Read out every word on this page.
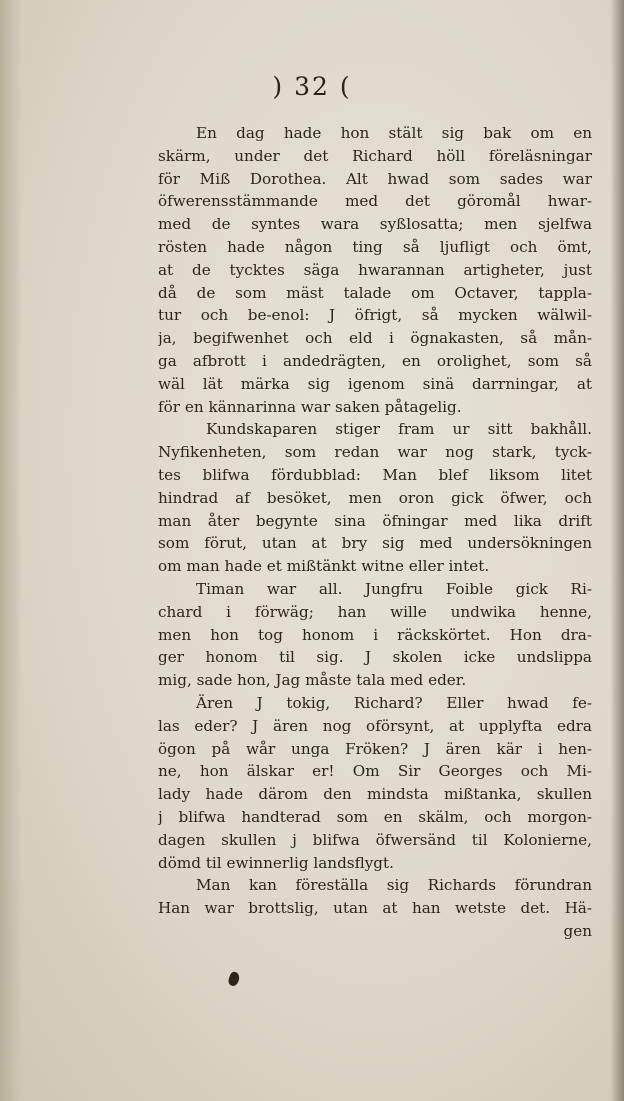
) 32 (
En dag hade hon stält sig bak om en
skärm, under det Richard höll föreläsningar
för Miß Dorothea. Alt hwad som sades war
öfwerensstämmande med det göromål hwar-
med de syntes wara syßlosatta; men sjelfwa
rösten hade någon ting så ljufligt och ömt,
at de tycktes säga hwarannan artigheter, just
då de som mäst talade om Octaver, tappla-
tur och be-enol: J öfrigt, så mycken wälwil-
ja, begifwenhet och eld i ögnakasten, så mån-
ga afbrott i andedrägten, en orolighet, som så
wäl lät märka sig igenom sinä darrningar, at
för en kännarinna war saken påtagelig.
Kundskaparen stiger fram ur sitt bakhåll.
Nyfikenheten, som redan war nog stark, tyck-
tes blifwa fördubblad: Man blef liksom litet
hindrad af besöket, men oron gick öfwer, och
man åter begynte sina öfningar med lika drift
som förut, utan at bry sig med undersökningen
om man hade et mißtänkt witne eller intet.
Timan war all. Jungfru Foible gick Ri-
chard i förwäg; han wille undwika henne,
men hon tog honom i räckskörtet. Hon dra-
ger honom til sig. J skolen icke undslippa
mig, sade hon, Jag måste tala med eder.
Ären J tokig, Richard? Eller hwad fe-
las eder? J ären nog oförsynt, at upplyfta edra
ögon på wår unga Fröken? J ären kär i hen-
ne, hon älskar er! Om Sir Georges och Mi-
lady hade därom den mindsta mißtanka, skullen
j blifwa handterad som en skälm, och morgon-
dagen skullen j blifwa öfwersänd til Kolonierne,
dömd til ewinnerlig landsflygt.
Man kan föreställa sig Richards förundran
Han war brottslig, utan at han wetste det. Hä-
gen
